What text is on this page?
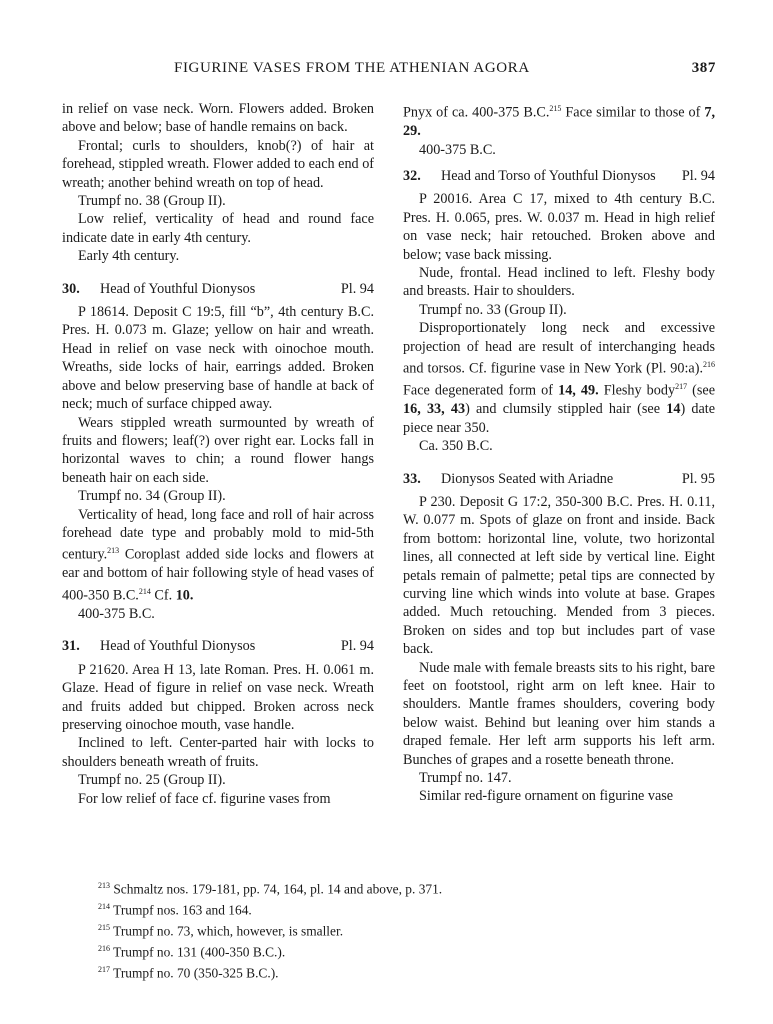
FIGURINE VASES FROM THE ATHENIAN AGORA	387

in relief on vase neck. Worn. Flowers added. Broken above and below; base of handle remains on back.

Frontal; curls to shoulders, knob(?) of hair at forehead, stippled wreath. Flower added to each end of wreath; another behind wreath on top of head.

Trumpf no. 38 (Group II).

Low relief, verticality of head and round face indicate date in early 4th century.

Early 4th century.

30.	Head of Youthful Dionysos	Pl. 94

P 18614. Deposit C 19:5, fill “b”, 4th century B.C. Pres. H. 0.073 m. Glaze; yellow on hair and wreath. Head in relief on vase neck with oinochoe mouth. Wreaths, side locks of hair, earrings added. Broken above and below preserving base of handle at back of neck; much of surface chipped away.

Wears stippled wreath surmounted by wreath of fruits and flowers; leaf(?) over right ear. Locks fall in horizontal waves to chin; a round flower hangs beneath hair on each side.

Trumpf no. 34 (Group II).

Verticality of head, long face and roll of hair across forehead date type and probably mold to mid-5th century.$^{213}$ Coroplast added side locks and flowers at ear and bottom of hair following style of head vases of 400-350 B.C.$^{214}$ Cf. 10.

400-375 B.C.

31.	Head of Youthful Dionysos	Pl. 94

P 21620. Area H 13, late Roman. Pres. H. 0.061 m. Glaze. Head of figure in relief on vase neck. Wreath and fruits added but chipped. Broken across neck preserving oinochoe mouth, vase handle.

Inclined to left. Center-parted hair with locks to shoulders beneath wreath of fruits.

Trumpf no. 25 (Group II).

For low relief of face cf. figurine vases from

Pnyx of ca. 400-375 B.C.$^{215}$ Face similar to those of 7, 29.

400-375 B.C.

32.	Head and Torso of Youthful Dionysos	Pl. 94

P 20016. Area C 17, mixed to 4th century B.C. Pres. H. 0.065, pres. W. 0.037 m. Head in high relief on vase neck; hair retouched. Broken above and below; vase back missing.

Nude, frontal. Head inclined to left. Fleshy body and breasts. Hair to shoulders.

Trumpf no. 33 (Group II).

Disproportionately long neck and excessive projection of head are result of interchanging heads and torsos. Cf. figurine vase in New York (Pl. 90:a).$^{216}$ Face degenerated form of 14, 49. Fleshy body$^{217}$ (see 16, 33, 43) and clumsily stippled hair (see 14) date piece near 350.

Ca. 350 B.C.

33.	Dionysos Seated with Ariadne	Pl. 95

P 230. Deposit G 17:2, 350-300 B.C. Pres. H. 0.11, W. 0.077 m. Spots of glaze on front and inside. Back from bottom: horizontal line, volute, two horizontal lines, all connected at left side by vertical line. Eight petals remain of palmette; petal tips are connected by curving line which winds into volute at base. Grapes added. Much retouching. Mended from 3 pieces. Broken on sides and top but includes part of vase back.

Nude male with female breasts sits to his right, bare feet on footstool, right arm on left knee. Hair to shoulders. Mantle frames shoulders, covering body below waist. Behind but leaning over him stands a draped female. Her left arm supports his left arm. Bunches of grapes and a rosette beneath throne.

Trumpf no. 147.

Similar red-figure ornament on figurine vase

$^{213}$ Schmaltz nos. 179-181, pp. 74, 164, pl. 14 and above, p. 371.
$^{214}$ Trumpf nos. 163 and 164.
$^{215}$ Trumpf no. 73, which, however, is smaller.
$^{216}$ Trumpf no. 131 (400-350 B.C.).
$^{217}$ Trumpf no. 70 (350-325 B.C.).
